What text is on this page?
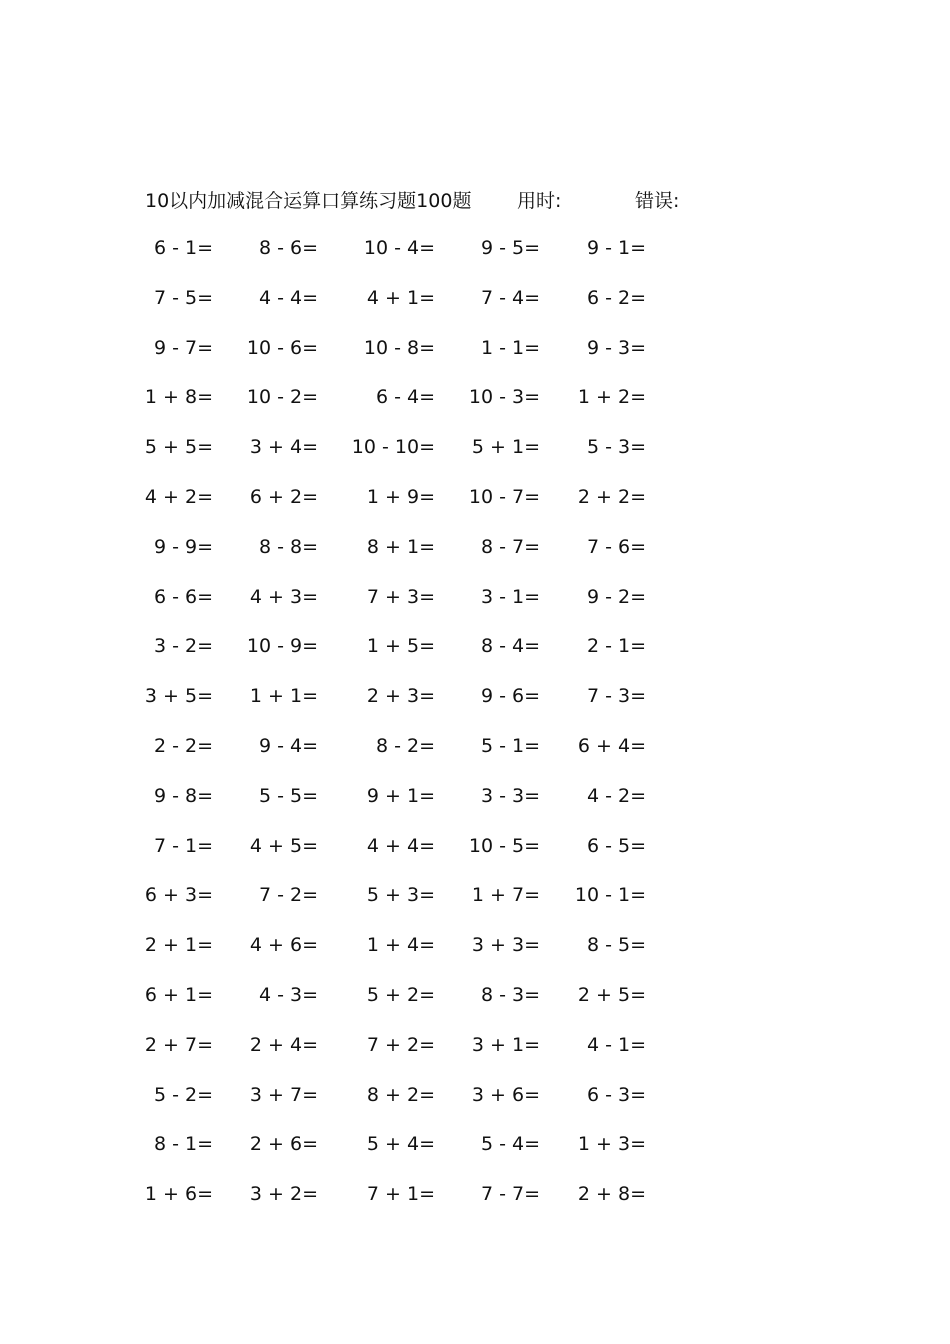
10以内加减混合运算口算练习题100题 用时:	错误:
6 - 1=	8 - 6=	10 - 4=	9 - 5=	9 - 1=
7 - 5=	4 - 4=	4 + 1=	7 - 4=	6 - 2=
9 - 7=	10 - 6=	10 - 8=	1 - 1=	9 - 3=
1 + 8=	10 - 2=	6 - 4=	10 - 3=	1 + 2=
5 + 5=	3 + 4=	10 - 10=	5 + 1=	5 - 3=
4 + 2=	6 + 2=	1 + 9=	10 - 7=	2 + 2=
9 - 9=	8 - 8=	8 + 1=	8 - 7=	7 - 6=
6 - 6=	4 + 3=	7 + 3=	3 - 1=	9 - 2=
3 - 2=	10 - 9=	1 + 5=	8 - 4=	2 - 1=
3 + 5=	1 + 1=	2 + 3=	9 - 6=	7 - 3=
2 - 2=	9 - 4=	8 - 2=	5 - 1=	6 + 4=
9 - 8=	5 - 5=	9 + 1=	3 - 3=	4 - 2=
7 - 1=	4 + 5=	4 + 4=	10 - 5=	6 - 5=
6 + 3=	7 - 2=	5 + 3=	1 + 7=	10 - 1=
2 + 1=	4 + 6=	1 + 4=	3 + 3=	8 - 5=
6 + 1=	4 - 3=	5 + 2=	8 - 3=	2 + 5=
2 + 7=	2 + 4=	7 + 2=	3 + 1=	4 - 1=
5 - 2=	3 + 7=	8 + 2=	3 + 6=	6 - 3=
8 - 1=	2 + 6=	5 + 4=	5 - 4=	1 + 3=
1 + 6=	3 + 2=	7 + 1=	7 - 7=	2 + 8=
